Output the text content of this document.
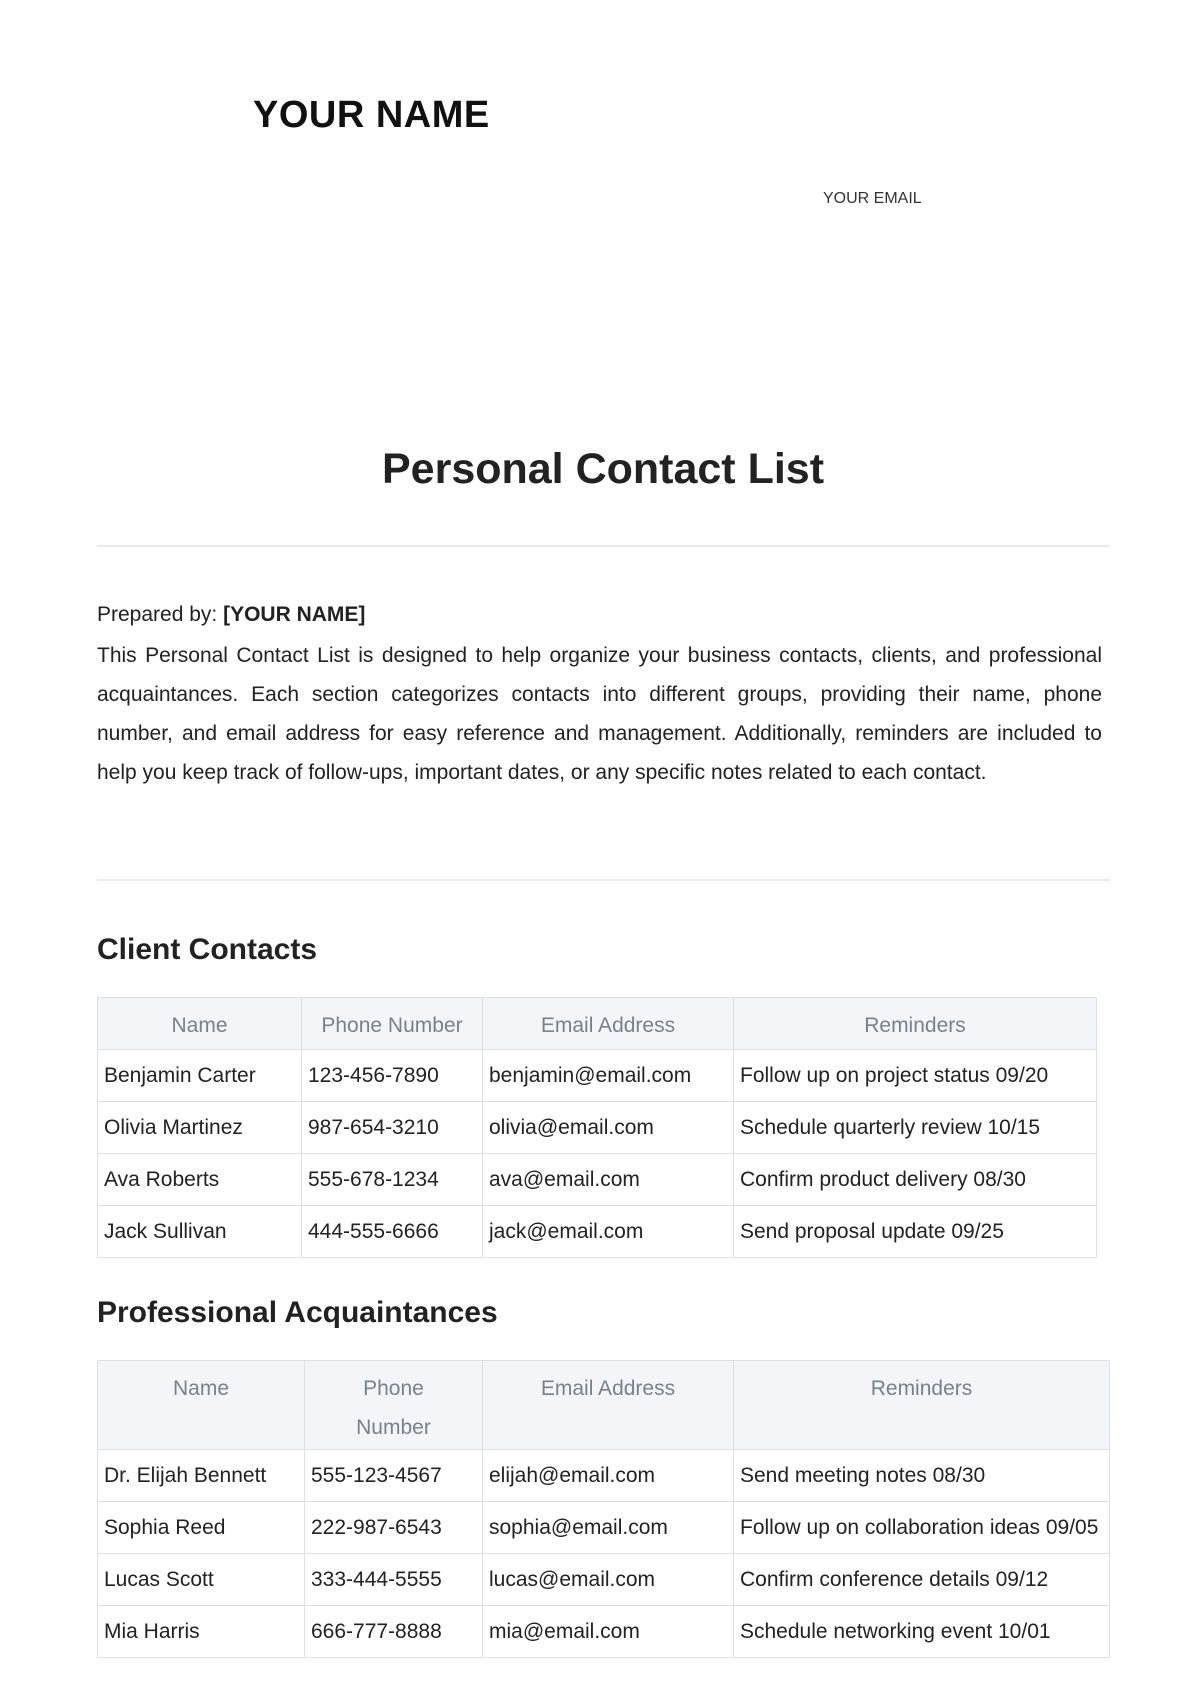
YOUR NAME
YOUR EMAIL
Personal Contact List
Prepared by: [YOUR NAME]
This Personal Contact List is designed to help organize your business contacts, clients, and professional acquaintances. Each section categorizes contacts into different groups, providing their name, phone number, and email address for easy reference and management. Additionally, reminders are included to help you keep track of follow-ups, important dates, or any specific notes related to each contact.
Client Contacts
Name	Phone Number	Email Address	Reminders
Benjamin Carter	123-456-7890	benjamin@email.com	Follow up on project status 09/20
Olivia Martinez	987-654-3210	olivia@email.com	Schedule quarterly review 10/15
Ava Roberts	555-678-1234	ava@email.com	Confirm product delivery 08/30
Jack Sullivan	444-555-6666	jack@email.com	Send proposal update 09/25
Professional Acquaintances
Name	Phone Number	Email Address	Reminders
Dr. Elijah Bennett	555-123-4567	elijah@email.com	Send meeting notes 08/30
Sophia Reed	222-987-6543	sophia@email.com	Follow up on collaboration ideas 09/05
Lucas Scott	333-444-5555	lucas@email.com	Confirm conference details 09/12
Mia Harris	666-777-8888	mia@email.com	Schedule networking event 10/01
